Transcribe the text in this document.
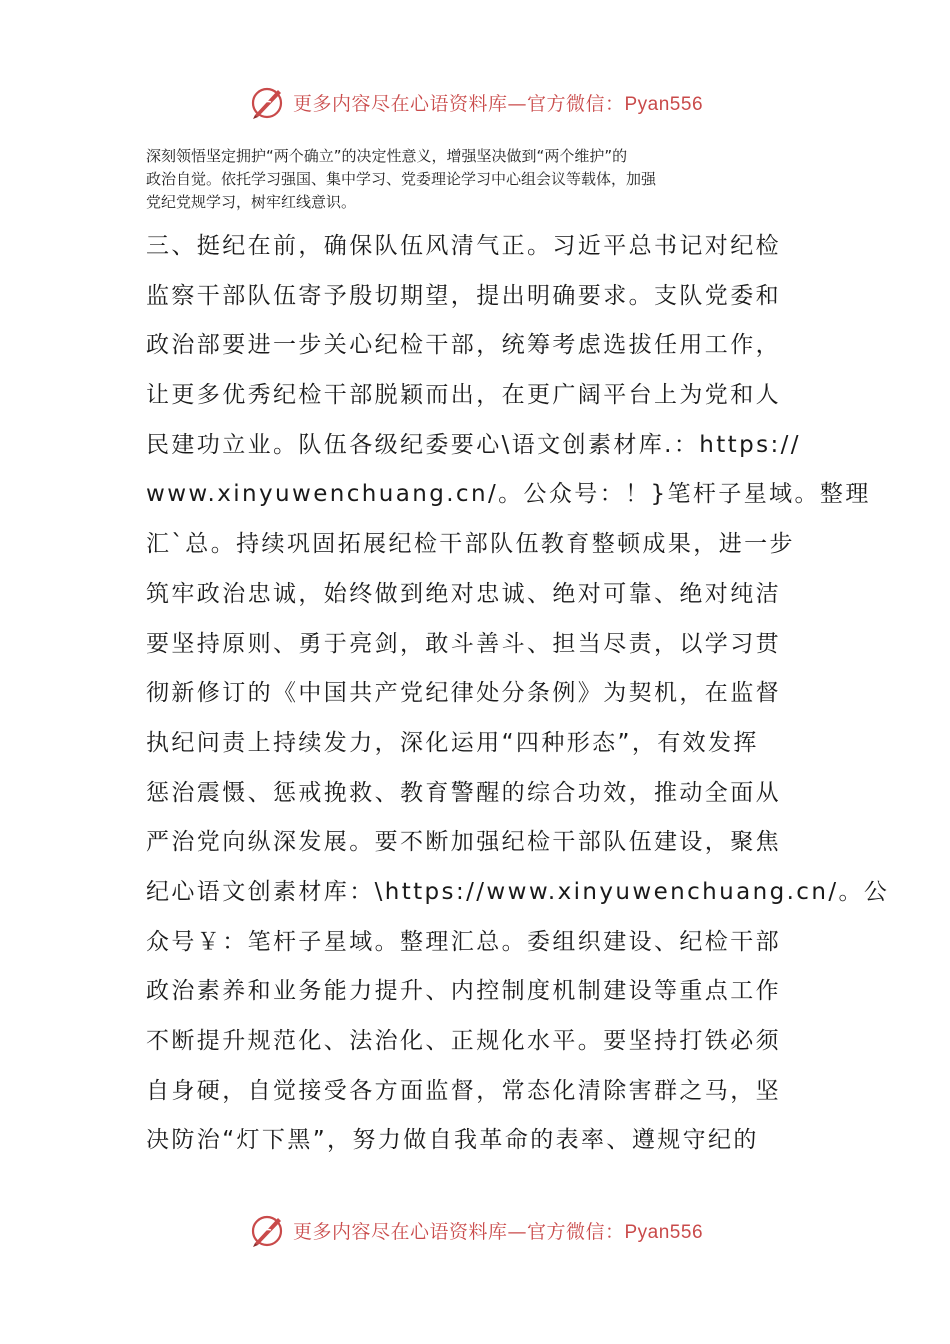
更多内容尽在心语资料库—官方微信：Pyan556

深刻领悟坚定拥护“两个确立”的决定性意义，增强坚决做到“两个维护”的
政治自觉。依托学习强国、集中学习、党委理论学习中心组会议等载体，加强
党纪党规学习，树牢红线意识。

三、挺纪在前，确保队伍风清气正。习近平总书记对纪检
监察干部队伍寄予殷切期望，提出明确要求。支队党委和
政治部要进一步关心纪检干部，统筹考虑选拔任用工作，
让更多优秀纪检干部脱颖而出，在更广阔平台上为党和人
民建功立业。队伍各级纪委要心\语文创素材库.：https://
www.xinyuwenchuang.cn/。公众号：！}笔杆子星域。整理
汇`总。持续巩固拓展纪检干部队伍教育整顿成果，进一步
筑牢政治忠诚，始终做到绝对忠诚、绝对可靠、绝对纯洁
要坚持原则、勇于亮剑，敢斗善斗、担当尽责，以学习贯
彻新修订的《中国共产党纪律处分条例》为契机，在监督
执纪问责上持续发力，深化运用“四种形态”，有效发挥
惩治震慑、惩戒挽救、教育警醒的综合功效，推动全面从
严治党向纵深发展。要不断加强纪检干部队伍建设，聚焦
纪心语文创素材库：\https://www.xinyuwenchuang.cn/。公
众号￥：笔杆子星域。整理汇总。委组织建设、纪检干部
政治素养和业务能力提升、内控制度机制建设等重点工作
不断提升规范化、法治化、正规化水平。要坚持打铁必须
自身硬，自觉接受各方面监督，常态化清除害群之马，坚
决防治“灯下黑”，努力做自我革命的表率、遵规守纪的
更多内容尽在心语资料库—官方微信：Pyan556
